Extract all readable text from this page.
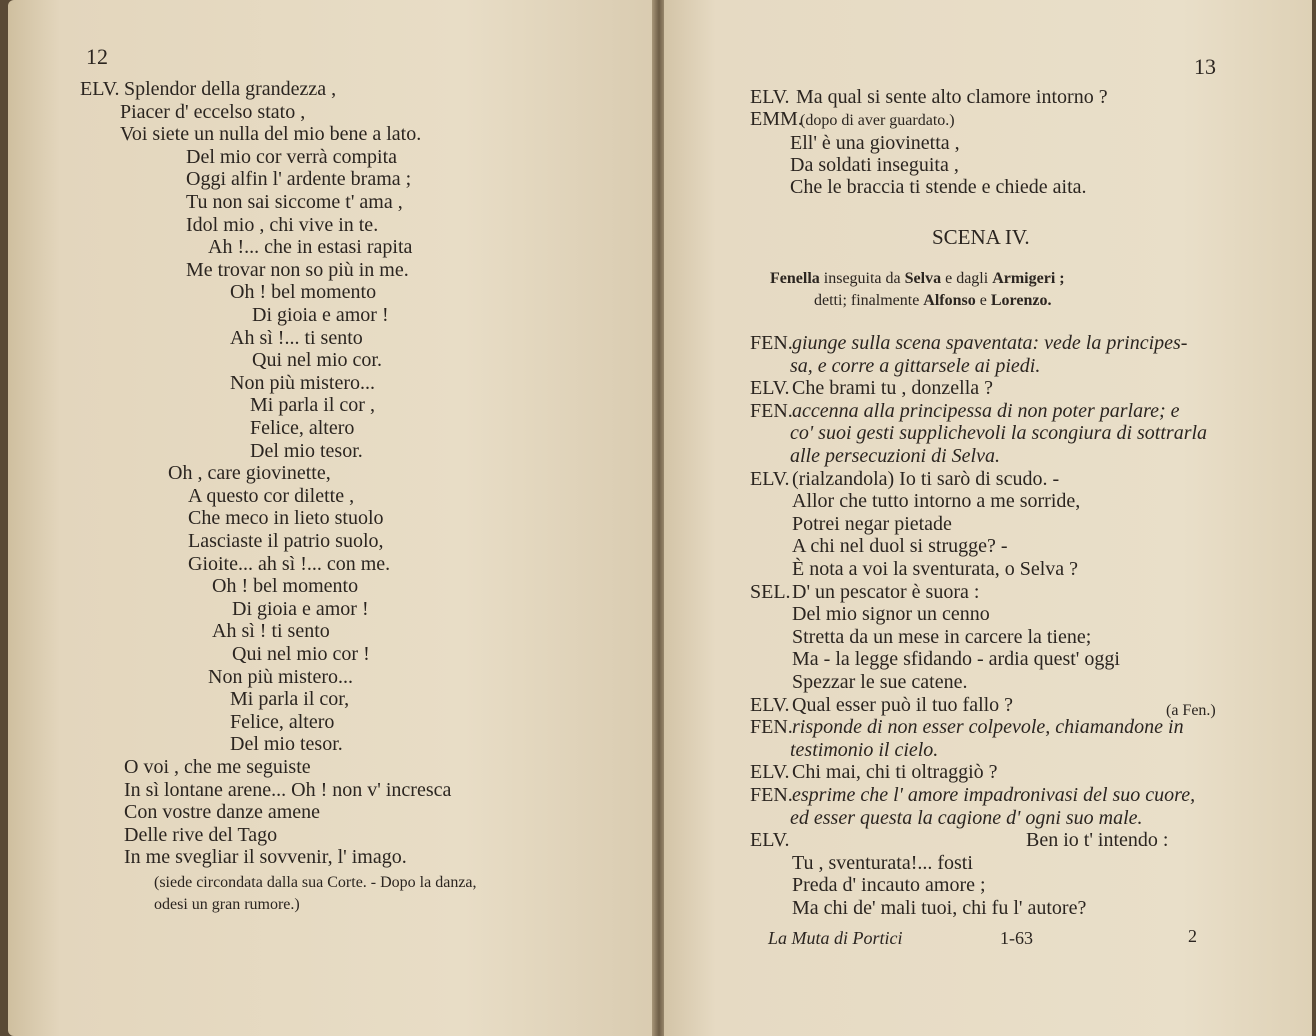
12
ELV. Splendor della grandezza ,
Piacer d' eccelso stato ,
Voi siete un nulla del mio bene a lato.
Del mio cor verrà compita
Oggi alfin l' ardente brama ;
Tu non sai siccome t' ama ,
Idol mio , chi vive in te.
Ah !... che in estasi rapita
Me trovar non so più in me.
Oh ! bel momento
Di gioia e amor !
Ah sì !... ti sento
Qui nel mio cor.
Non più mistero...
Mi parla il cor ,
Felice, altero
Del mio tesor.
Oh , care giovinette,
A questo cor dilette ,
Che meco in lieto stuolo
Lasciaste il patrio suolo,
Gioite... ah sì !... con me.
Oh ! bel momento
Di gioia e amor !
Ah sì ! ti sento
Qui nel mio cor !
Non più mistero...
Mi parla il cor,
Felice, altero
Del mio tesor.
O voi , che me seguiste
In sì lontane arene... Oh ! non v' incresca
Con vostre danze amene
Delle rive del Tago
In me svegliar il sovvenir, l' imago.
(siede circondata dalla sua Corte. - Dopo la danza,
odesi un gran rumore.)
13
ELV. Ma qual si sente alto clamore intorno ?
EMM.
(dopo di aver guardato.)
Ell' è una giovinetta ,
Da soldati inseguita ,
Che le braccia ti stende e chiede aita.
SCENA IV.
Fenella inseguita da Selva e dagli Armigeri ;
detti; finalmente Alfonso e Lorenzo.
FEN. giunge sulla scena spaventata: vede la principes-
sa, e corre a gittarsele ai piedi.
ELV. Che brami tu , donzella ?
FEN. accenna alla principessa di non poter parlare; e
co' suoi gesti supplichevoli la scongiura di sottrarla
alle persecuzioni di Selva.
ELV. (rialzandola) Io ti sarò di scudo. -
Allor che tutto intorno a me sorride,
Potrei negar pietade
A chi nel duol si strugge? -
È nota a voi la sventurata, o Selva ?
SEL. D' un pescator è suora :
Del mio signor un cenno
Stretta da un mese in carcere la tiene;
Ma - la legge sfidando - ardia quest' oggi
Spezzar le sue catene.
ELV. Qual esser può il tuo fallo ?
FEN. risponde di non esser colpevole, chiamandone in
testimonio il cielo.
ELV. Chi mai, chi ti oltraggiò ?
FEN. esprime che l' amore impadronivasi del suo cuore,
ed esser questa la cagione d' ogni suo male.
ELV.	Ben io t' intendo :
Tu , sventurata!... fosti
Preda d' incauto amore ;
Ma chi de' mali tuoi, chi fu l' autore?
(a Fen.)
La Muta di Portici	1-63	2
